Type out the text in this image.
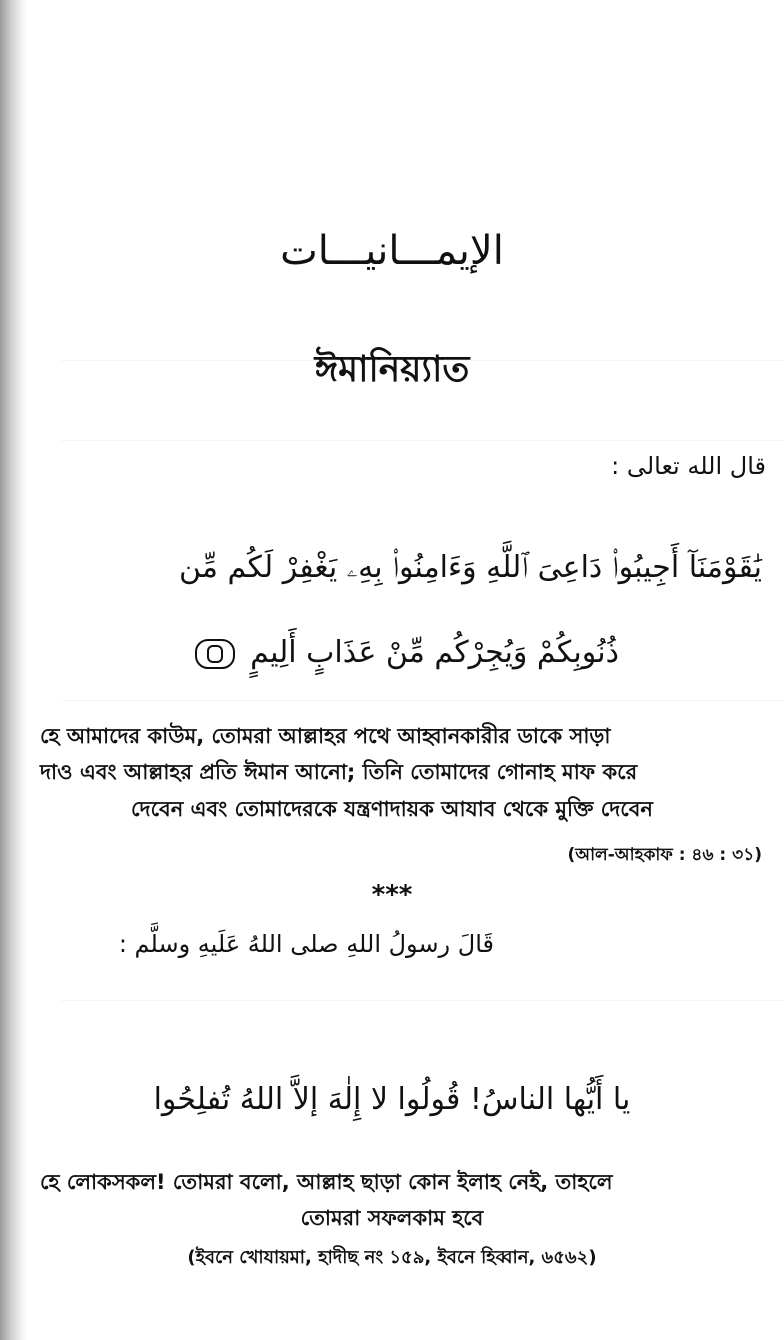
الإيمـــانيـــات
ঈমানিয়্যাত
قال الله تعالى :
يَٰقَوْمَنَآ أَجِيبُوا۟ دَاعِىَ ٱللَّهِ وَءَامِنُوا۟ بِهِۦ يَغْفِرْ لَكُم مِّن
ذُنُوبِكُمْ وَيُجِرْكُم مِّنْ عَذَابٍ أَلِيمٍ
হে আমাদের কাউম, তোমরা আল্লাহর পথে আহ্বানকারীর ডাকে সাড়া
দাও এবং আল্লাহর প্রতি ঈমান আনো; তিনি তোমাদের গোনাহ মাফ করে
দেবেন এবং তোমাদেরকে যন্ত্রণাদায়ক আযাব থেকে মুক্তি দেবেন
(আল-আহকাফ : ৪৬ : ৩১)
***
قَالَ رسولُ اللهِ صلى اللهُ عَلَيهِ وسلَّم :
يا أَيُّها الناسُ! قُولُوا لا إِلٰهَ إلاَّ اللهُ تُفلِحُوا
হে লোকসকল! তোমরা বলো, আল্লাহ ছাড়া কোন ইলাহ নেই, তাহলে
তোমরা সফলকাম হবে
(ইবনে খোযায়মা, হাদীছ নং ১৫৯, ইবনে হিব্বান, ৬৫৬২)
